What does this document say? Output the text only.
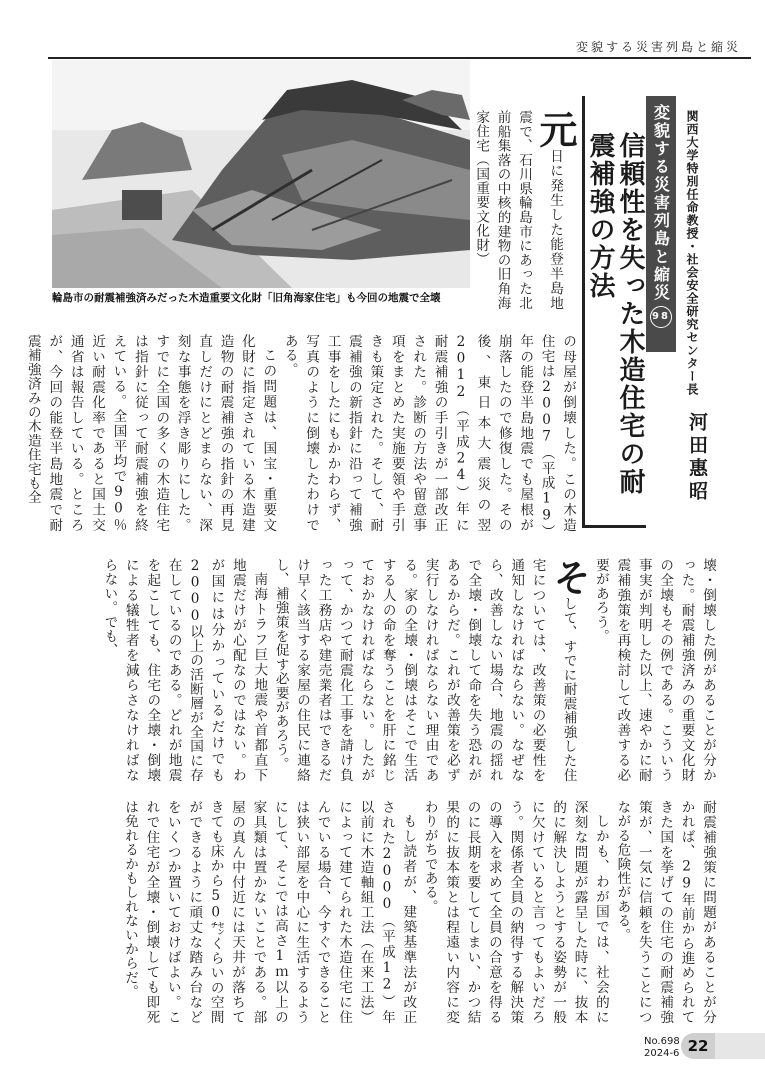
変貌する災害列島と縮災
輪島市の耐震補強済みだった木造重要文化財「旧角海家住宅」も今回の地震で全壊	変貌する災害列島と縮災
98
信頼性を失った木造住宅の耐震補強の方法	関西大学特別任命教授・社会安全研究センター長
河田惠昭

元日に発生した能登半島地震で、石川県輪島市にあった北前船集落の中核的建物の旧角海家住宅（国重要文化財）

の母屋が倒壊した。この木造住宅は2007（平成19）年の能登半島地震でも屋根が崩落したので修復した。その後、東日本大震災の翌2012（平成24）年に耐震補強の手引きが一部改正された。診断の方法や留意事項をまとめた実施要領や手引きも策定された。そして、耐震補強の新指針に沿って補強工事をしたにもかかわらず、写真のように倒壊したわけである。

この問題は、国宝・重要文化財に指定されている木造建造物の耐震補強の指針の再見直しだけにとどまらない、深刻な事態を浮き彫りにした。すでに全国の多くの木造住宅は指針に従って耐震補強を終えている。全国平均で90％近い耐震化率であると国土交通省は報告している。ところが、今回の能登半島地震で耐震補強済みの木造住宅も全

壊・倒壊した例があることが分かった。耐震補強済みの重要文化財の全壊もその例である。こういう事実が判明した以上、速やかに耐震補強策を再検討して改善する必要があろう。

そして、すでに耐震補強した住宅については、改善策の必要性を通知しなければならない。なぜなら、改善しない場合、地震の揺れで全壊・倒壊して命を失う恐れがあるからだ。これが改善策を必ず実行しなければならない理由である。家の全壊・倒壊はそこで生活する人の命を奪うことを肝に銘じておかなければならない。したがって、かつて耐震化工事を請け負った工務店や建売業者はできるだけ早く該当する家屋の住民に連絡し、補強策を促す必要があろう。

南海トラフ巨大地震や首都直下地震だけが心配なのではない。わが国には分かっているだけでも2000以上の活断層が全国に存在しているのである。どれが地震を起こしても、住宅の全壊・倒壊による犠牲者を減らさなければならない。でも、

耐震補強策に問題があることが分かれば、29年前から進められてきた国を挙げての住宅の耐震補強策が、一気に信頼を失うことにつながる危険性がある。

しかも、わが国では、社会的に深刻な問題が露呈した時に、抜本的に解決しようとする姿勢が一般に欠けていると言ってもよいだろう。関係者全員の納得する解決策の導入を求めて全員の合意を得るのに長期を要してしまい、かつ結果的に抜本策とは程遠い内容に変わりがちである。

もし読者が、建築基準法が改正された2000（平成12）年以前に木造軸組工法（在来工法）によって建てられた木造住宅に住んでいる場合、今すぐできることは狭い部屋を中心に生活するようにして、そこでは高さ1ｍ以上の家具類は置かないことである。部屋の真ん中付近には天井が落ちてきても床から50㌢くらいの空間ができるように頑丈な踏み台などをいくつか置いておけばよい。これで住宅が全壊・倒壊しても即死は免れるかもしれないからだ。

No.698
2024-6 22
